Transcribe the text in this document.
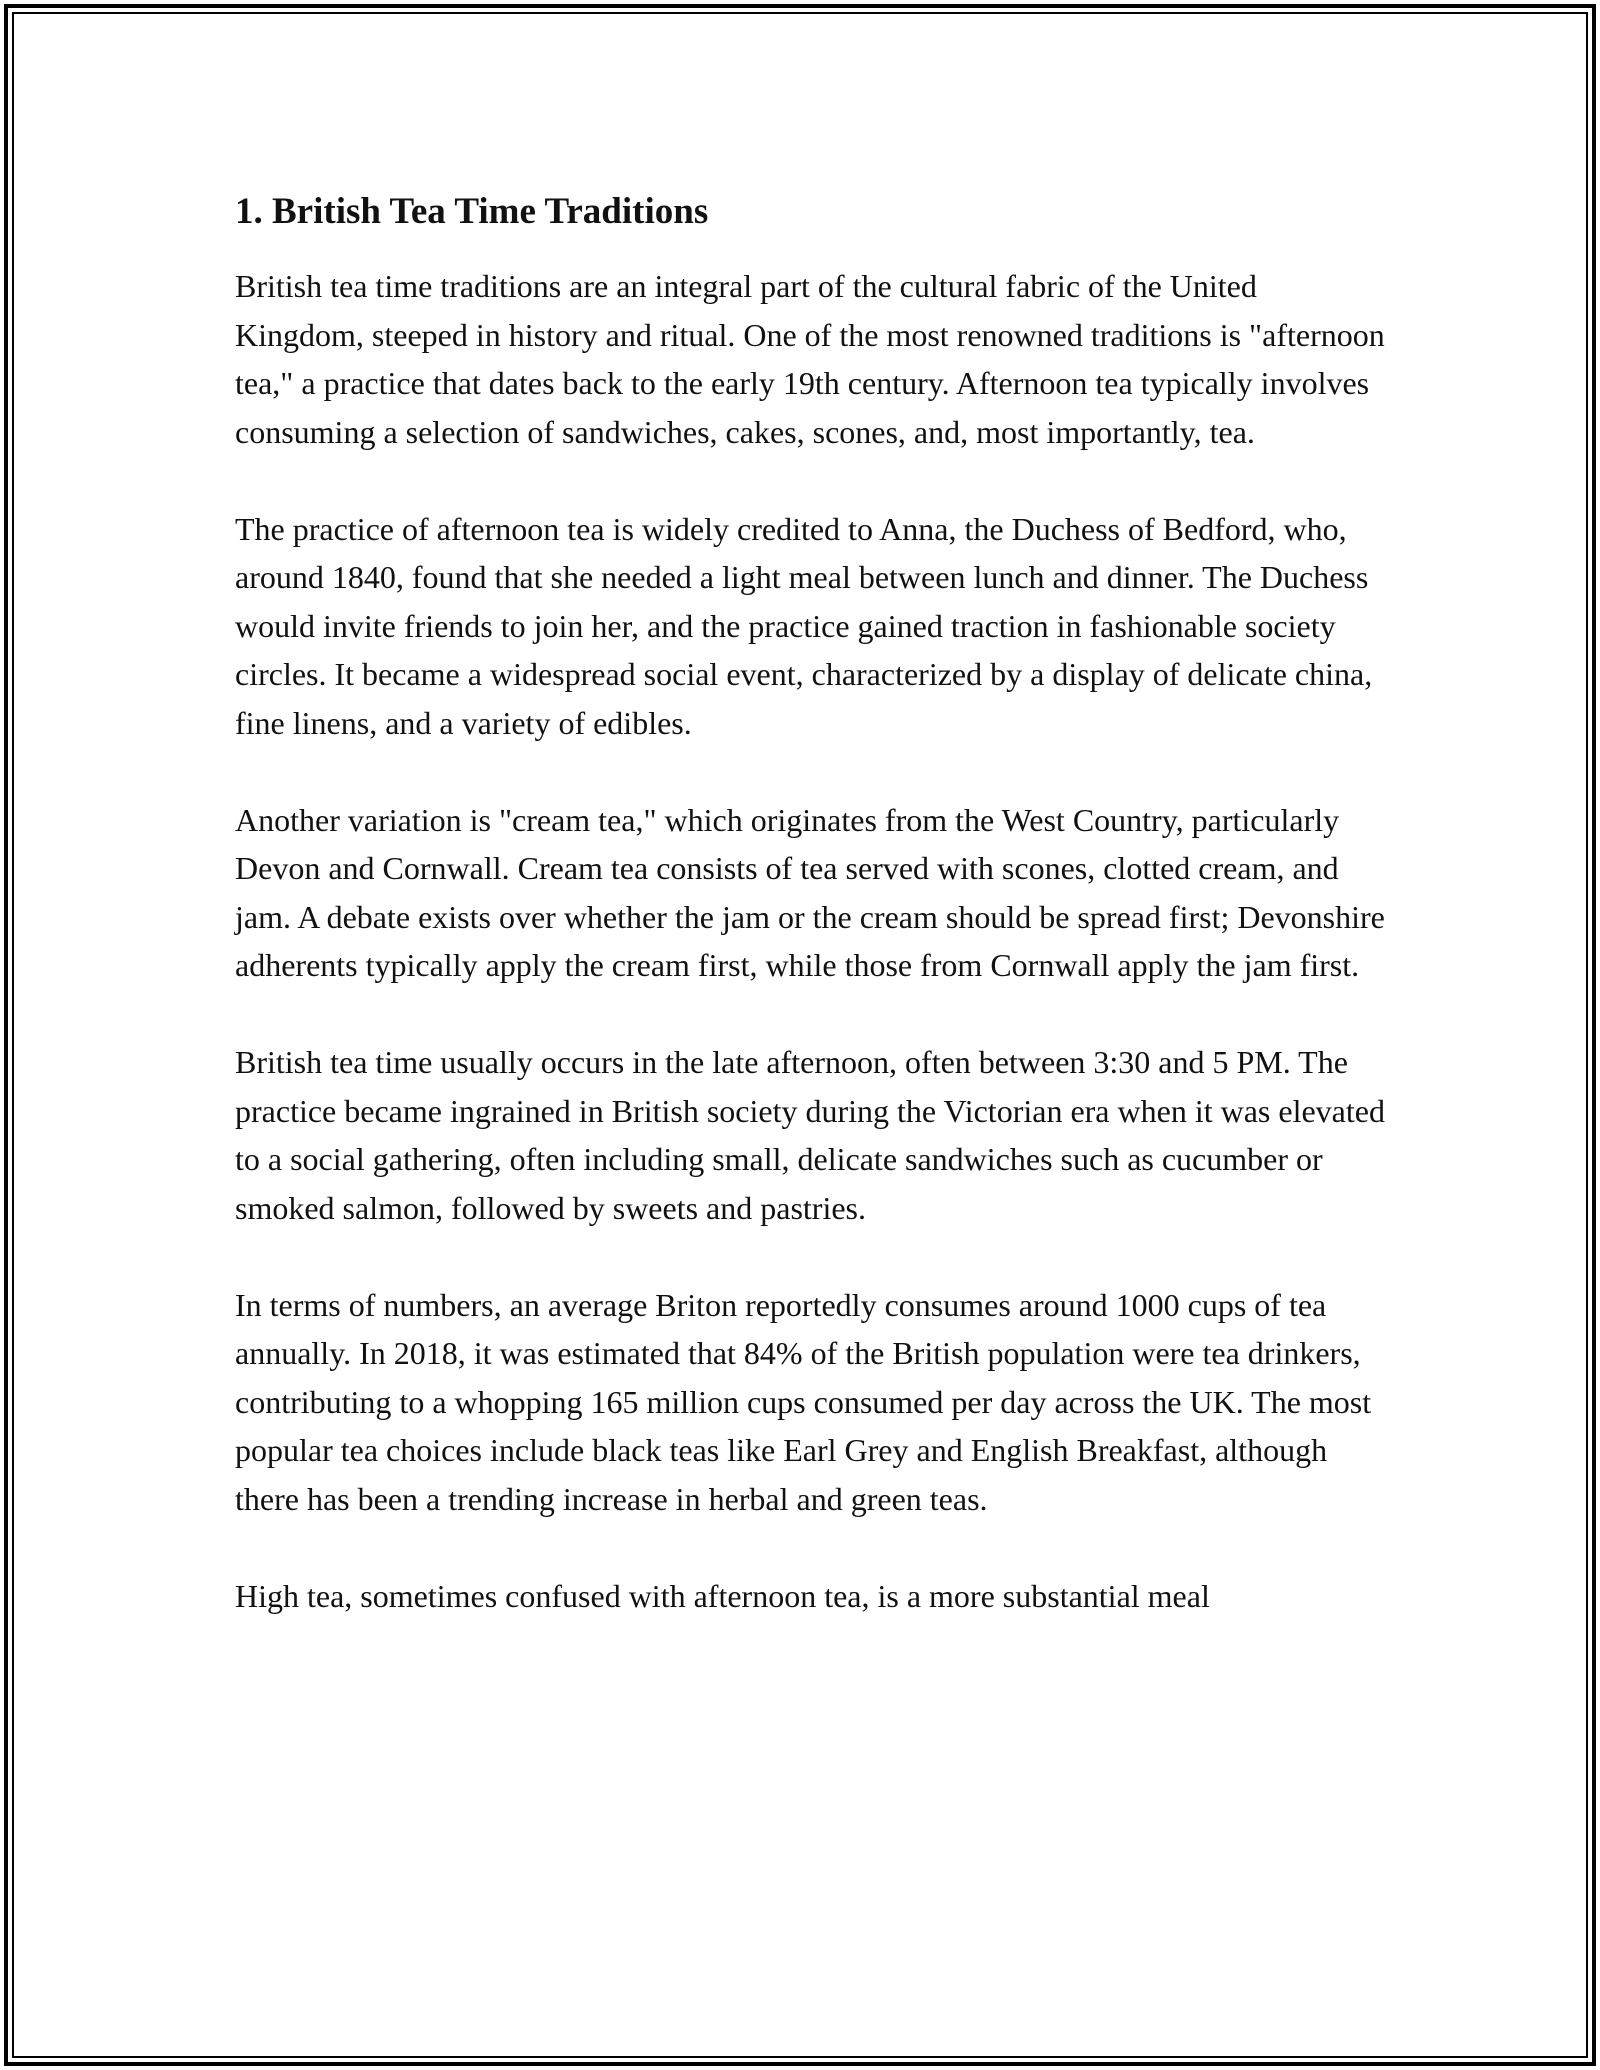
1. British Tea Time Traditions

British tea time traditions are an integral part of the cultural fabric of the United Kingdom, steeped in history and ritual. One of the most renowned traditions is "afternoon tea," a practice that dates back to the early 19th century. Afternoon tea typically involves consuming a selection of sandwiches, cakes, scones, and, most importantly, tea.

The practice of afternoon tea is widely credited to Anna, the Duchess of Bedford, who, around 1840, found that she needed a light meal between lunch and dinner. The Duchess would invite friends to join her, and the practice gained traction in fashionable society circles. It became a widespread social event, characterized by a display of delicate china, fine linens, and a variety of edibles.

Another variation is "cream tea," which originates from the West Country, particularly Devon and Cornwall. Cream tea consists of tea served with scones, clotted cream, and jam. A debate exists over whether the jam or the cream should be spread first; Devonshire adherents typically apply the cream first, while those from Cornwall apply the jam first.

British tea time usually occurs in the late afternoon, often between 3:30 and 5 PM. The practice became ingrained in British society during the Victorian era when it was elevated to a social gathering, often including small, delicate sandwiches such as cucumber or smoked salmon, followed by sweets and pastries.

In terms of numbers, an average Briton reportedly consumes around 1000 cups of tea annually. In 2018, it was estimated that 84% of the British population were tea drinkers, contributing to a whopping 165 million cups consumed per day across the UK. The most popular tea choices include black teas like Earl Grey and English Breakfast, although there has been a trending increase in herbal and green teas.

High tea, sometimes confused with afternoon tea, is a more substantial meal
